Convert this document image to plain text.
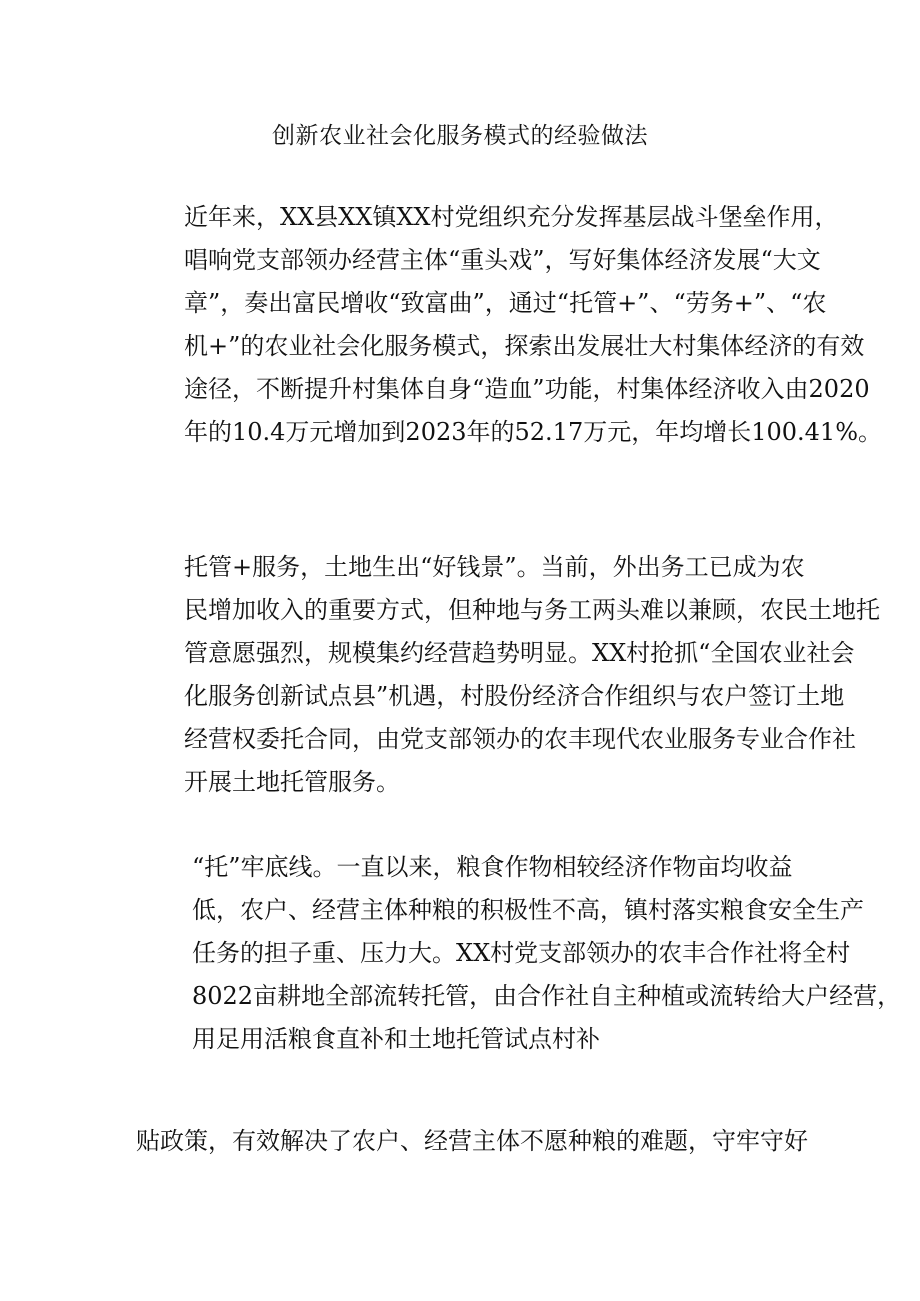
创新农业社会化服务模式的经验做法
近年来，XX县XX镇XX村党组织充分发挥基层战斗堡垒作用，
唱响党支部领办经营主体“重头戏”，写好集体经济发展“大文
章”，奏出富民增收“致富曲”，通过“托管+”、“劳务+”、“农
机+”的农业社会化服务模式，探索出发展壮大村集体经济的有效
途径，不断提升村集体自身“造血”功能，村集体经济收入由2020
年的10.4万元增加到2023年的52.17万元，年均增长100.41%。
托管+服务，土地生出“好钱景”。当前，外出务工已成为农
民增加收入的重要方式，但种地与务工两头难以兼顾，农民土地托
管意愿强烈，规模集约经营趋势明显。XX村抢抓“全国农业社会
化服务创新试点县”机遇，村股份经济合作组织与农户签订土地
经营权委托合同，由党支部领办的农丰现代农业服务专业合作社
开展土地托管服务。
“托”牢底线。一直以来，粮食作物相较经济作物亩均收益
低，农户、经营主体种粮的积极性不高，镇村落实粮食安全生产
任务的担子重、压力大。XX村党支部领办的农丰合作社将全村
8022亩耕地全部流转托管，由合作社自主种植或流转给大户经营，
用足用活粮食直补和土地托管试点村补
贴政策，有效解决了农户、经营主体不愿种粮的难题，守牢守好
